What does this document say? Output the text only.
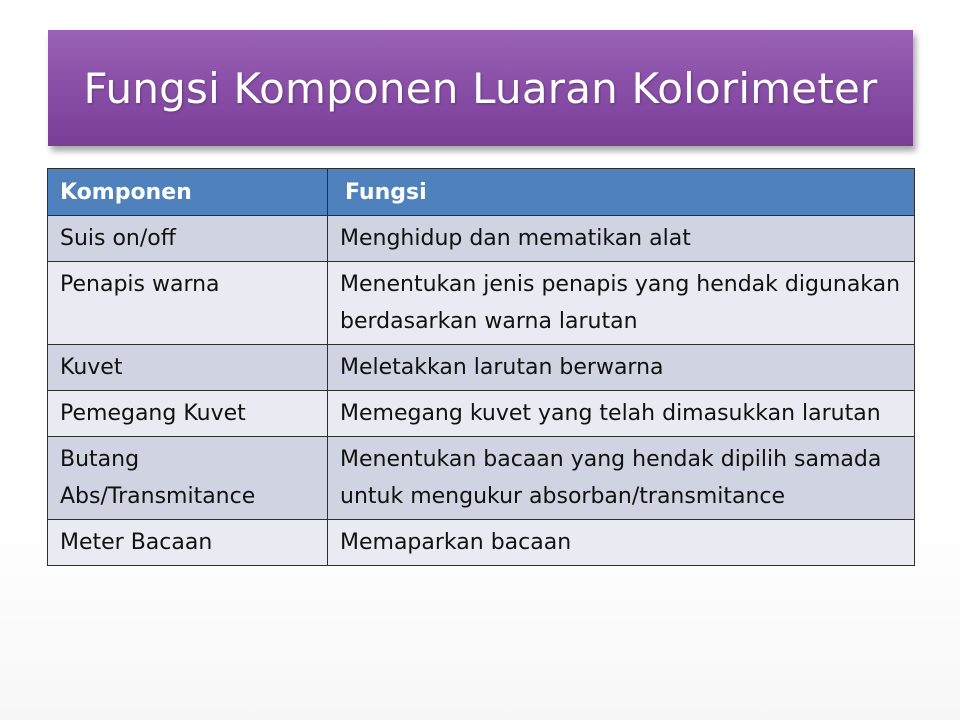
Fungsi Komponen Luaran Kolorimeter
Komponen	Fungsi
Suis on/off	Menghidup dan mematikan alat
Penapis warna	Menentukan jenis penapis yang hendak digunakan berdasarkan warna larutan
Kuvet	Meletakkan larutan berwarna
Pemegang Kuvet	Memegang kuvet yang telah dimasukkan larutan
Butang Abs/Transmitance	Menentukan bacaan yang hendak dipilih samada untuk mengukur absorban/transmitance
Meter Bacaan	Memaparkan bacaan
